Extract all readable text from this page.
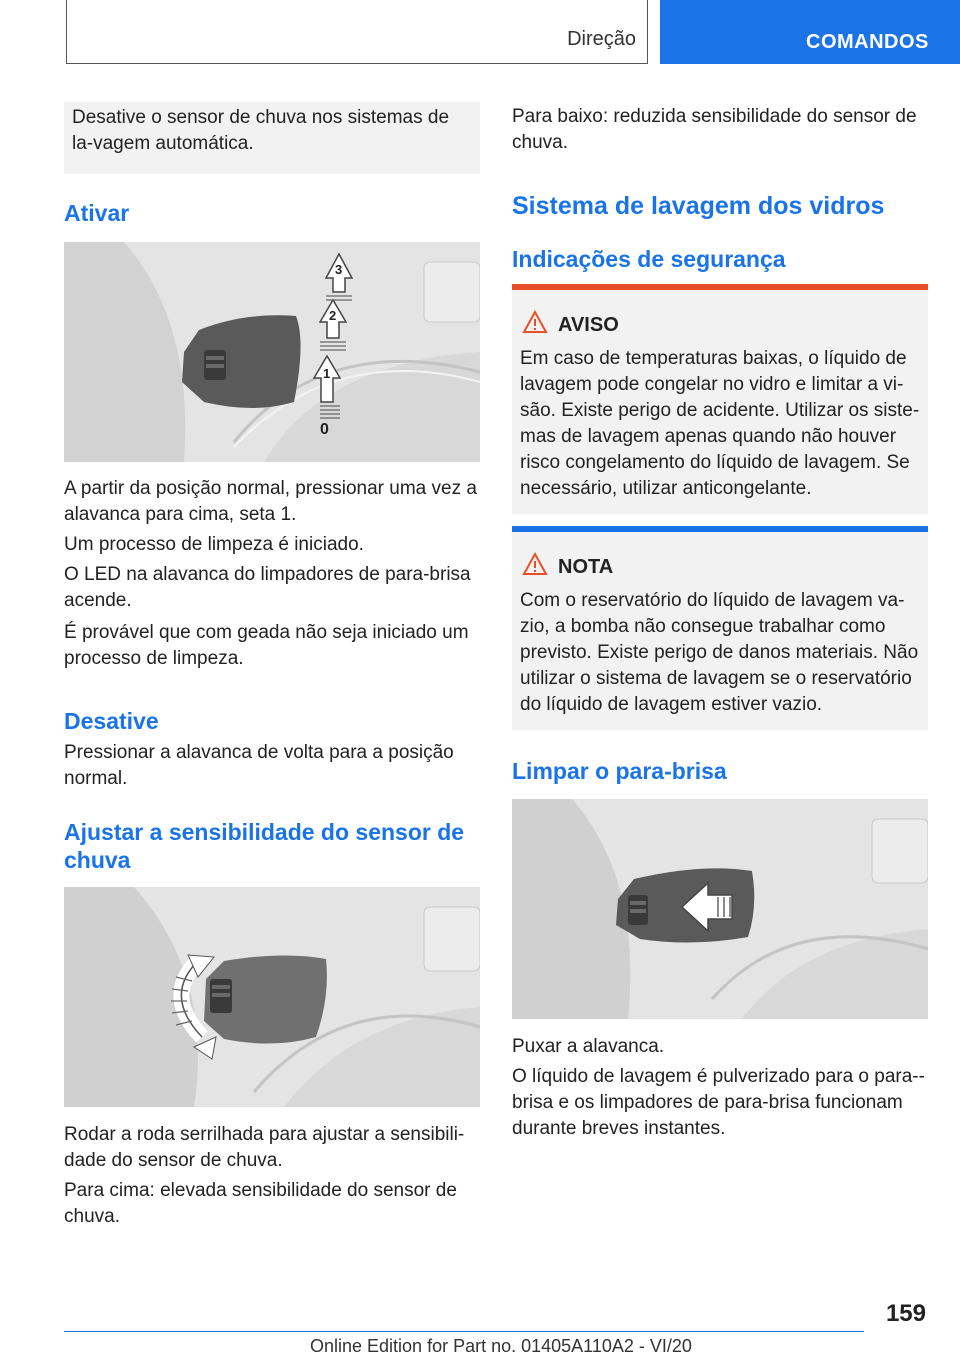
Direção	COMANDOS

Desative o sensor de chuva nos sistemas de la-vagem automática.

Ativar
3
2
1
0

A partir da posição normal, pressionar uma vez a alavanca para cima, seta 1.

Um processo de limpeza é iniciado.

O LED na alavanca do limpadores de para-brisa acende.

É provável que com geada não seja iniciado um processo de limpeza.

Desative

Pressionar a alavanca de volta para a posição normal.

Ajustar a sensibilidade do sensor de chuva

Rodar a roda serrilhada para ajustar a sensibili-dade do sensor de chuva.

Para cima: elevada sensibilidade do sensor de chuva.

Para baixo: reduzida sensibilidade do sensor de chuva.

Sistema de lavagem dos vidros
Indicações de segurança
AVISO

Em caso de temperaturas baixas, o líquido de lavagem pode congelar no vidro e limitar a vi-são. Existe perigo de acidente. Utilizar os siste-mas de lavagem apenas quando não houver risco congelamento do líquido de lavagem. Se necessário, utilizar anticongelante.

NOTA

Com o reservatório do líquido de lavagem va-zio, a bomba não consegue trabalhar como previsto. Existe perigo de danos materiais. Não utilizar o sistema de lavagem se o reservatório do líquido de lavagem estiver vazio.

Limpar o para-brisa

Puxar a alavanca.

O líquido de lavagem é pulverizado para o para--brisa e os limpadores de para-brisa funcionam durante breves instantes.

159
Online Edition for Part no. 01405A110A2 - VI/20
